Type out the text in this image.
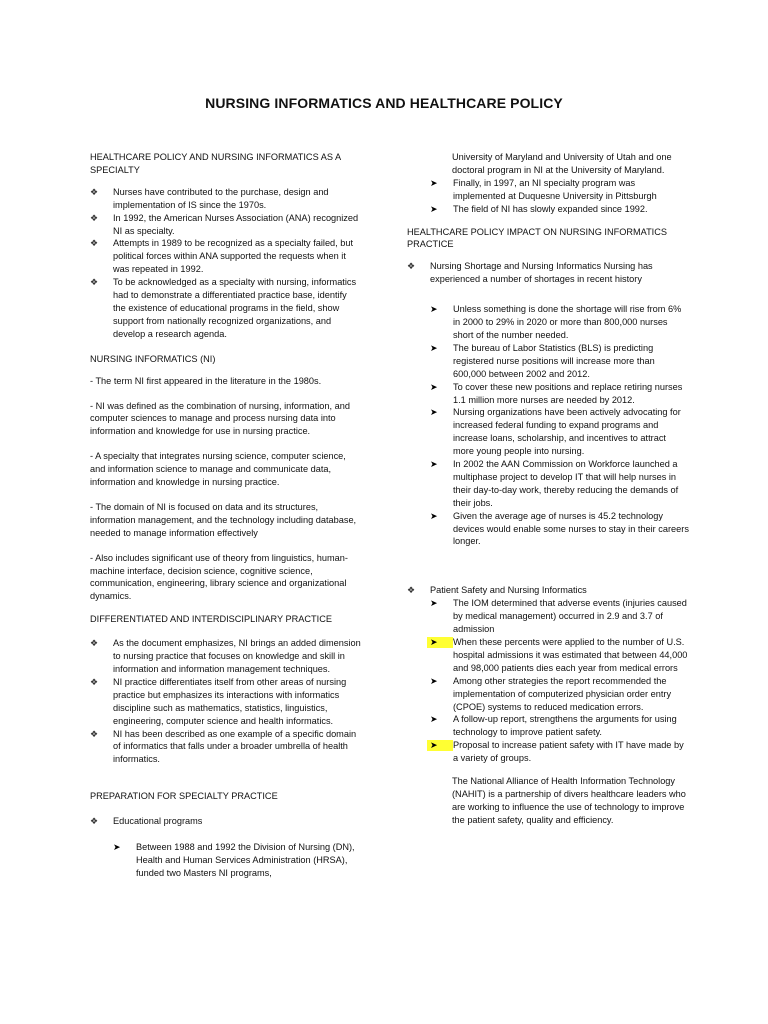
NURSING INFORMATICS AND HEALTHCARE POLICY
HEALTHCARE POLICY AND NURSING INFORMATICS AS A SPECIALTY
❖ Nurses have contributed to the purchase, design and implementation of IS since the 1970s.
❖ In 1992, the American Nurses Association (ANA) recognized NI as specialty.
❖ Attempts in 1989 to be recognized as a specialty failed, but political forces within ANA supported the requests when it was repeated in 1992.
❖ To be acknowledged as a specialty with nursing, informatics had to demonstrate a differentiated practice base, identify the existence of educational programs in the field, show support from nationally recognized organizations, and develop a research agenda.
NURSING INFORMATICS (NI)
- The term NI first appeared in the literature in the 1980s.
- NI was defined as the combination of nursing, information, and computer sciences to manage and process nursing data into information and knowledge for use in nursing practice.
- A specialty that integrates nursing science, computer science, and information science to manage and communicate data, information and knowledge in nursing practice.
- The domain of NI is focused on data and its structures, information management, and the technology including database, needed to manage information effectively
- Also includes significant use of theory from linguistics, human-machine interface, decision science, cognitive science, communication, engineering, library science and organizational dynamics.
DIFFERENTIATED AND INTERDISCIPLINARY PRACTICE
❖ As the document emphasizes, NI brings an added dimension to nursing practice that focuses on knowledge and skill in information and information management techniques.
❖ NI practice differentiates itself from other areas of nursing practice but emphasizes its interactions with informatics discipline such as mathematics, statistics, linguistics, engineering, computer science and health informatics.
❖ NI has been described as one example of a specific domain of informatics that falls under a broader umbrella of health informatics.
PREPARATION FOR SPECIALTY PRACTICE
❖ Educational programs
➤ Between 1988 and 1992 the Division of Nursing (DN), Health and Human Services Administration (HRSA), funded two Masters NI programs,
University of Maryland and University of Utah and one doctoral program in NI at the University of Maryland.
➤ Finally, in 1997, an NI specialty program was implemented at Duquesne University in Pittsburgh
➤ The field of NI has slowly expanded since 1992.
HEALTHCARE POLICY IMPACT ON NURSING INFORMATICS PRACTICE
❖ Nursing Shortage and Nursing Informatics Nursing has experienced a number of shortages in recent history
➤ Unless something is done the shortage will rise from 6% in 2000 to 29% in 2020 or more than 800,000 nurses short of the number needed.
➤ The bureau of Labor Statistics (BLS) is predicting registered nurse positions will increase more than 600,000 between 2002 and 2012.
➤ To cover these new positions and replace retiring nurses 1.1 million more nurses are needed by 2012.
➤ Nursing organizations have been actively advocating for increased federal funding to expand programs and increase loans, scholarship, and incentives to attract more young people into nursing.
➤ In 2002 the AAN Commission on Workforce launched a multiphase project to develop IT that will help nurses in their day-to-day work, thereby reducing the demands of their jobs.
➤ Given the average age of nurses is 45.2 technology devices would enable some nurses to stay in their careers longer.
❖ Patient Safety and Nursing Informatics
➤ The IOM determined that adverse events (injuries caused by medical management) occurred in 2.9 and 3.7 of admission
➤ When these percents were applied to the number of U.S. hospital admissions it was estimated that between 44,000 and 98,000 patients dies each year from medical errors
➤ Among other strategies the report recommended the implementation of computerized physician order entry (CPOE) systems to reduced medication errors.
➤ A follow-up report, strengthens the arguments for using technology to improve patient safety.
➤ Proposal to increase patient safety with IT have made by a variety of groups.
The National Alliance of Health Information Technology (NAHIT) is a partnership of divers healthcare leaders who are working to influence the use of technology to improve the patient safety, quality and efficiency.
